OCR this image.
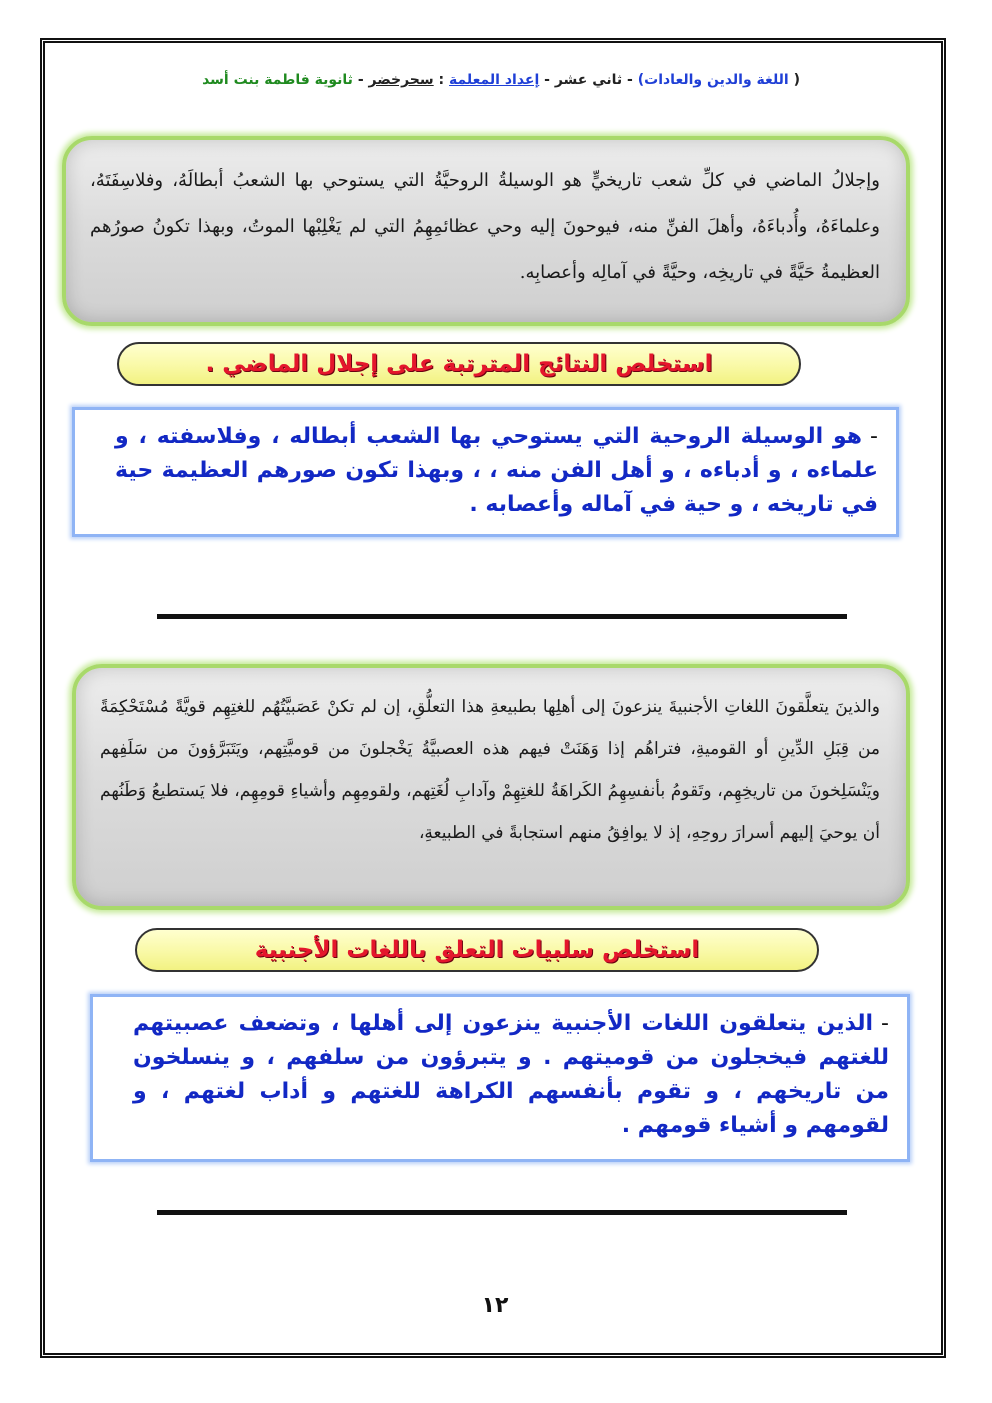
( اللغة والدين والعادات) - ثاني عشر - إعداد المعلمة : سحرخضر - ثانوية فاطمة بنت أسد
وإجلالُ الماضي في كلِّ شعب تاريخيٍّ هو الوسيلةُ الروحيَّةُ التي يستوحي بها الشعبُ أبطالَهُ، وفلاسِفَتَهُ، وعلماءَهُ، وأُدباءَهُ، وأهلَ الفنِّ منه، فيوحونَ إليه وحي عظائمِهِمُ التي لم يَغْلِبْها الموتُ، وبهذا تكونُ صورُهم العظيمةُ حَيَّةً في تاريخِه، وحيَّةً في آمالِه وأعصابِه.
استخلص النتائج المترتبة على إجلال الماضي .
-هو الوسيلة الروحية التي يستوحي بها الشعب أبطاله ، وفلاسفته ، و علماءه ، و أدباءه ، و أهل الفن منه ، ، وبهذا تكون صورهم العظيمة حية في تاريخه ، و حية في آماله وأعصابه .
والذينَ يتعلَّقونَ اللغاتِ الأجنبيةَ ينزعونَ إلى أهلِها بطبيعةِ هذا التعلُّقِ، إن لم تكنْ عَصَبيَّتُهُم للغتِهِم قويَّةً مُسْتَحْكِمَةً من قِبَلِ الدِّينِ أو القوميةِ، فتراهُم إذا وَهَنَتْ فيهم هذه العصبيَّةُ يَخْجلونَ من قوميَّتِهم، ويَتَبَرَّؤونَ من سَلَفِهم ويَنْسَلِخونَ من تاريخِهِم، وتَقومُ بأنفسِهِمُ الكَراهَةُ للغتِهِمْ وآدابِ لُغَتِهم، ولقومِهِم وأشياءِ قومِهِم، فلا يَستطيعُ وَطَنُهم أن يوحيَ إليهم أسرارَ روحِهِ، إذ لا يوافِقُ منهم استجابةً في الطبيعةِ،
استخلص سلبيات التعلق باللغات الأجنبية
-الذين يتعلقون اللغات الأجنبية ينزعون إلى أهلها ، وتضعف عصبيتهم للغتهم فيخجلون من قوميتهم . و يتبرؤون من سلفهم ، و ينسلخون من تاريخهم ، و تقوم بأنفسهم الكراهة للغتهم و أداب لغتهم ، و لقومهم و أشياء قومهم .
١٢
